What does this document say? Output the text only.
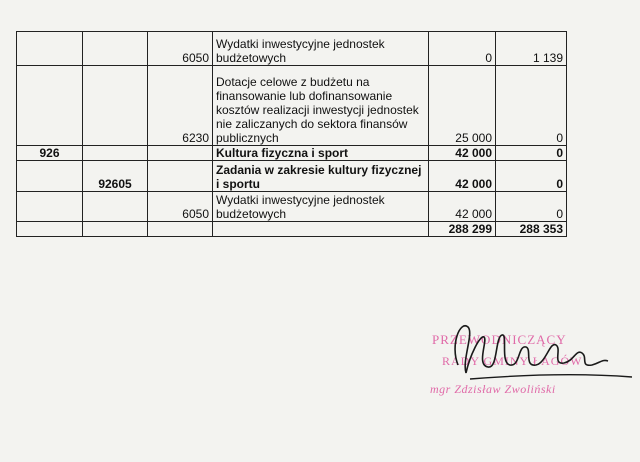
		6050	Wydatki inwestycyjne jednostek budżetowych	0	1 139
		6230	Dotacje celowe z budżetu na finansowanie lub dofinansowanie kosztów realizacji inwestycji jednostek nie zaliczanych do sektora finansów publicznych	25 000	0
926			Kultura fizyczna i sport	42 000	0
	92605		Zadania w zakresie kultury fizycznej i sportu	42 000	0
		6050	Wydatki inwestycyjne jednostek budżetowych	42 000	0
				288 299	288 353
PRZEWODNICZĄCY
RADY GMINY ŁAGÓW
mgr Zdzisław Zwoliński
